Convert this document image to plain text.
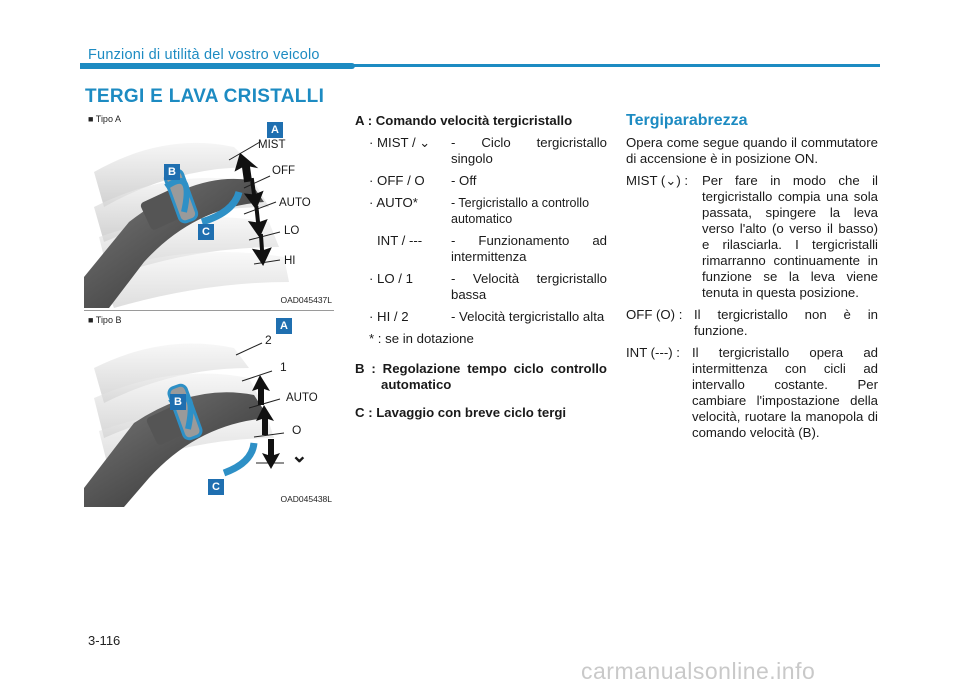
Funzioni di utilità del vostro veicolo
TERGI E LAVA CRISTALLI
■ Tipo A
A
B
C
MIST
OFF
AUTO
LO
HI
OAD045437L
■ Tipo B	A
B
C
2
1
AUTO
O
⌄
OAD045438L
A : Comando velocità tergicristallo
· MIST / ⌄	- Ciclo tergicristallo singolo
· OFF / O	- Off
· AUTO*	- Tergicristallo a controllo automatico
INT / ---	- Funzionamento ad intermittenza
· LO / 1	- Velocità tergicristallo bassa
· HI / 2	- Velocità tergicristallo alta
* : se in dotazione
B : Regolazione tempo ciclo controllo automatico
C : Lavaggio con breve ciclo tergi
Tergiparabrezza
Opera come segue quando il commutatore di accensione è in posizione ON.
MIST (⌄) :	Per fare in modo che il tergicristallo compia una sola passata, spingere la leva verso l'alto (o verso il basso) e rilasciarla. I tergicristalli rimarranno continuamente in funzione se la leva viene tenuta in questa posizione.
OFF (O) : Il tergicristallo non è in funzione.
INT (---) : Il tergicristallo opera ad intermittenza con cicli ad intervallo costante. Per cambiare l'impostazione della velocità, ruotare la manopola di comando velocità (B).
3-116
carmanualsonline.info
